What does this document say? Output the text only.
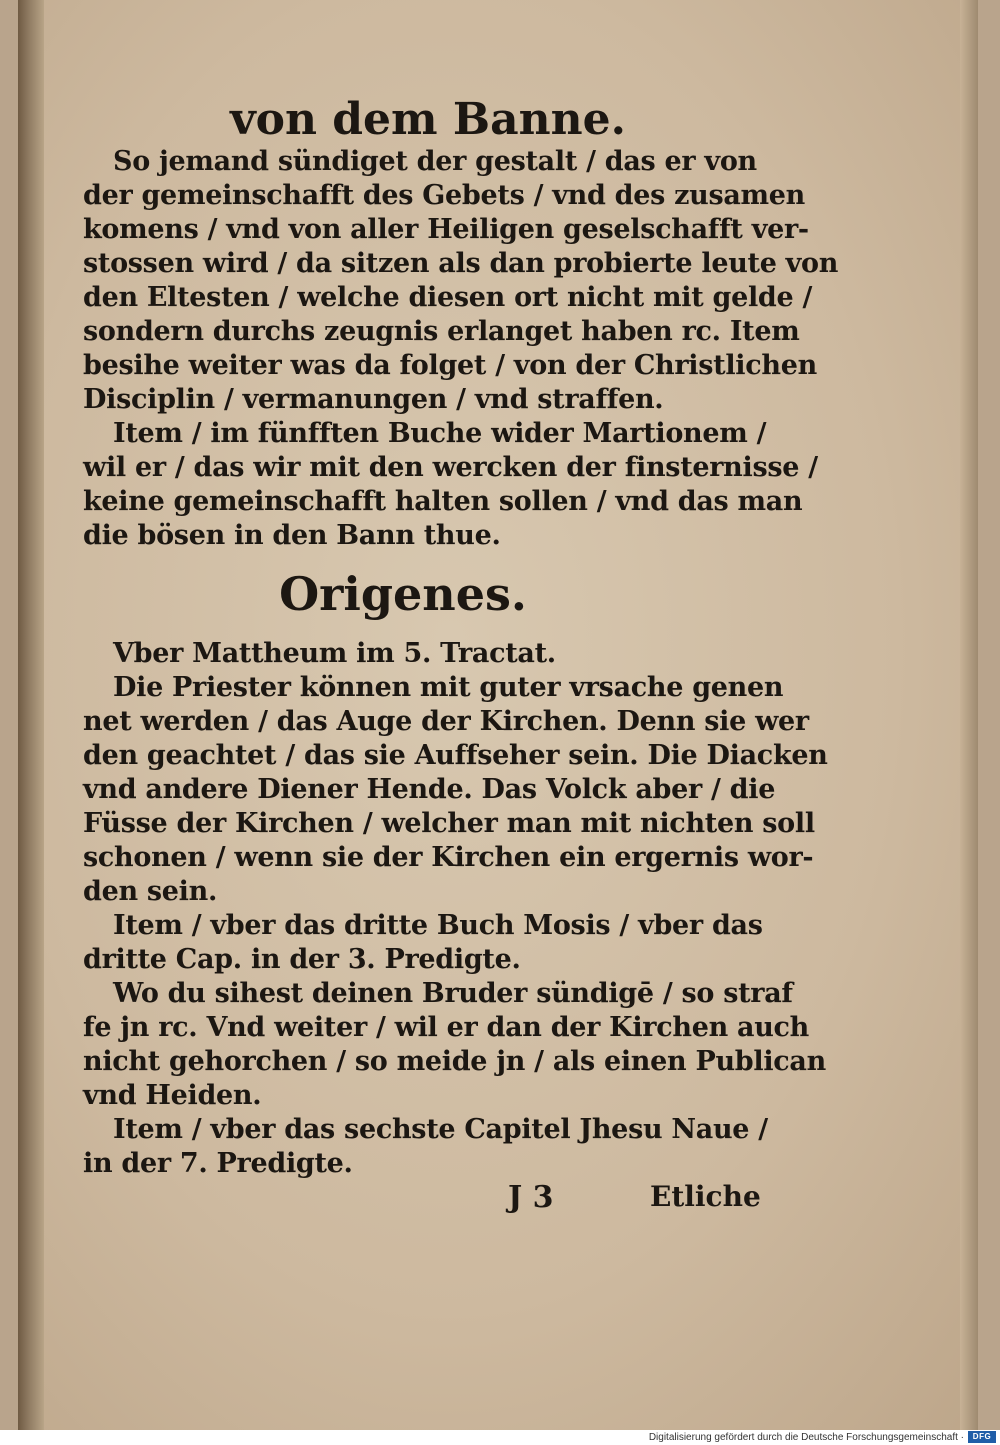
von dem Banne.
So jemand sündiget der gestalt / das er von
der gemeinschafft des Gebets / vnd des zusamen
komens / vnd von aller Heiligen geselschafft ver-
stossen wird / da sitzen als dan probierte leute von
den Eltesten / welche diesen ort nicht mit gelde /
sondern durchs zeugnis erlanget haben rc. Item
besihe weiter was da folget / von der Christlichen
Disciplin / vermanungen / vnd straffen.
Item / im fünfften Buche wider Martionem /
wil er / das wir mit den wercken der finsternisse /
keine gemeinschafft halten sollen / vnd das man
die bösen in den Bann thue.
Origenes.
Vber Mattheum im 5. Tractat.
Die Priester können mit guter vrsache genen
net werden / das Auge der Kirchen. Denn sie wer
den geachtet / das sie Auffseher sein. Die Diacken
vnd andere Diener Hende. Das Volck aber / die
Füsse der Kirchen / welcher man mit nichten soll
schonen / wenn sie der Kirchen ein ergernis wor-
den sein.
Item / vber das dritte Buch Mosis / vber das
dritte Cap. in der 3. Predigte.
Wo du sihest deinen Bruder sündigē / so straf
fe jn rc. Vnd weiter / wil er dan der Kirchen auch
nicht gehorchen / so meide jn / als einen Publican
vnd Heiden.
Item / vber das sechste Capitel Jhesu Naue /
in der 7. Predigte.
J 3	Etliche
Digitalisierung gefördert durch die Deutsche Forschungsgemeinschaft ·	DFG
